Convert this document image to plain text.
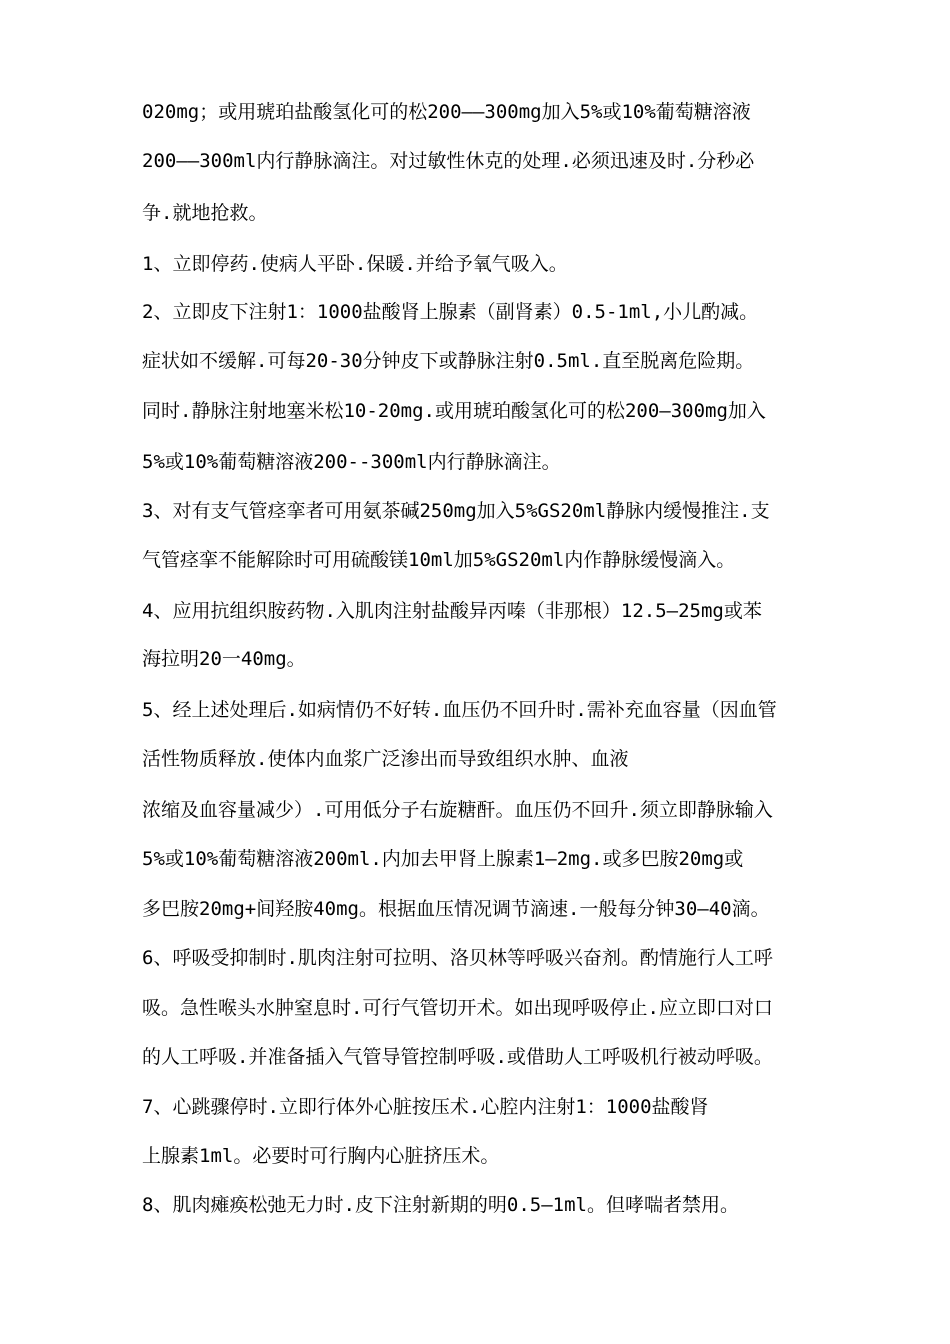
020mg；或用琥珀盐酸氢化可的松200——300mg加入5%或10%葡萄糖溶液
200——300ml内行静脉滴注。对过敏性休克的处理.必须迅速及时.分秒必
争.就地抢救。
1、立即停药.使病人平卧.保暖.并给予氧气吸入。
2、立即皮下注射1：1000盐酸肾上腺素（副肾素）0.5-1ml,小儿酌减。
症状如不缓解.可每20-30分钟皮下或静脉注射0.5ml.直至脱离危险期。
同时.静脉注射地塞米松10-20mg.或用琥珀酸氢化可的松200—300mg加入
5%或10%葡萄糖溶液200--300ml内行静脉滴注。
3、对有支气管痉挛者可用氨茶碱250mg加入5%GS20ml静脉内缓慢推注.支
气管痉挛不能解除时可用硫酸镁10ml加5%GS20ml内作静脉缓慢滴入。
4、应用抗组织胺药物.入肌肉注射盐酸异丙嗪（非那根）12.5—25mg或苯
海拉明20一40mg。
5、经上述处理后.如病情仍不好转.血压仍不回升时.需补充血容量（因血管
活性物质释放.使体内血浆广泛渗出而导致组织水肿、血液
浓缩及血容量减少）.可用低分子右旋糖酐。血压仍不回升.须立即静脉输入
5%或10%葡萄糖溶液200ml.内加去甲肾上腺素1—2mg.或多巴胺20mg或
多巴胺20mg+间羟胺40mg。根据血压情况调节滴速.一般每分钟30—40滴。
6、呼吸受抑制时.肌肉注射可拉明、洛贝林等呼吸兴奋剂。酌情施行人工呼
吸。急性喉头水肿窒息时.可行气管切开术。如出现呼吸停止.应立即口对口
的人工呼吸.并准备插入气管导管控制呼吸.或借助人工呼吸机行被动呼吸。
7、心跳骤停时.立即行体外心脏按压术.心腔内注射1：1000盐酸肾
上腺素1ml。必要时可行胸内心脏挤压术。
8、肌肉瘫痪松弛无力时.皮下注射新期的明0.5—1ml。但哮喘者禁用。
